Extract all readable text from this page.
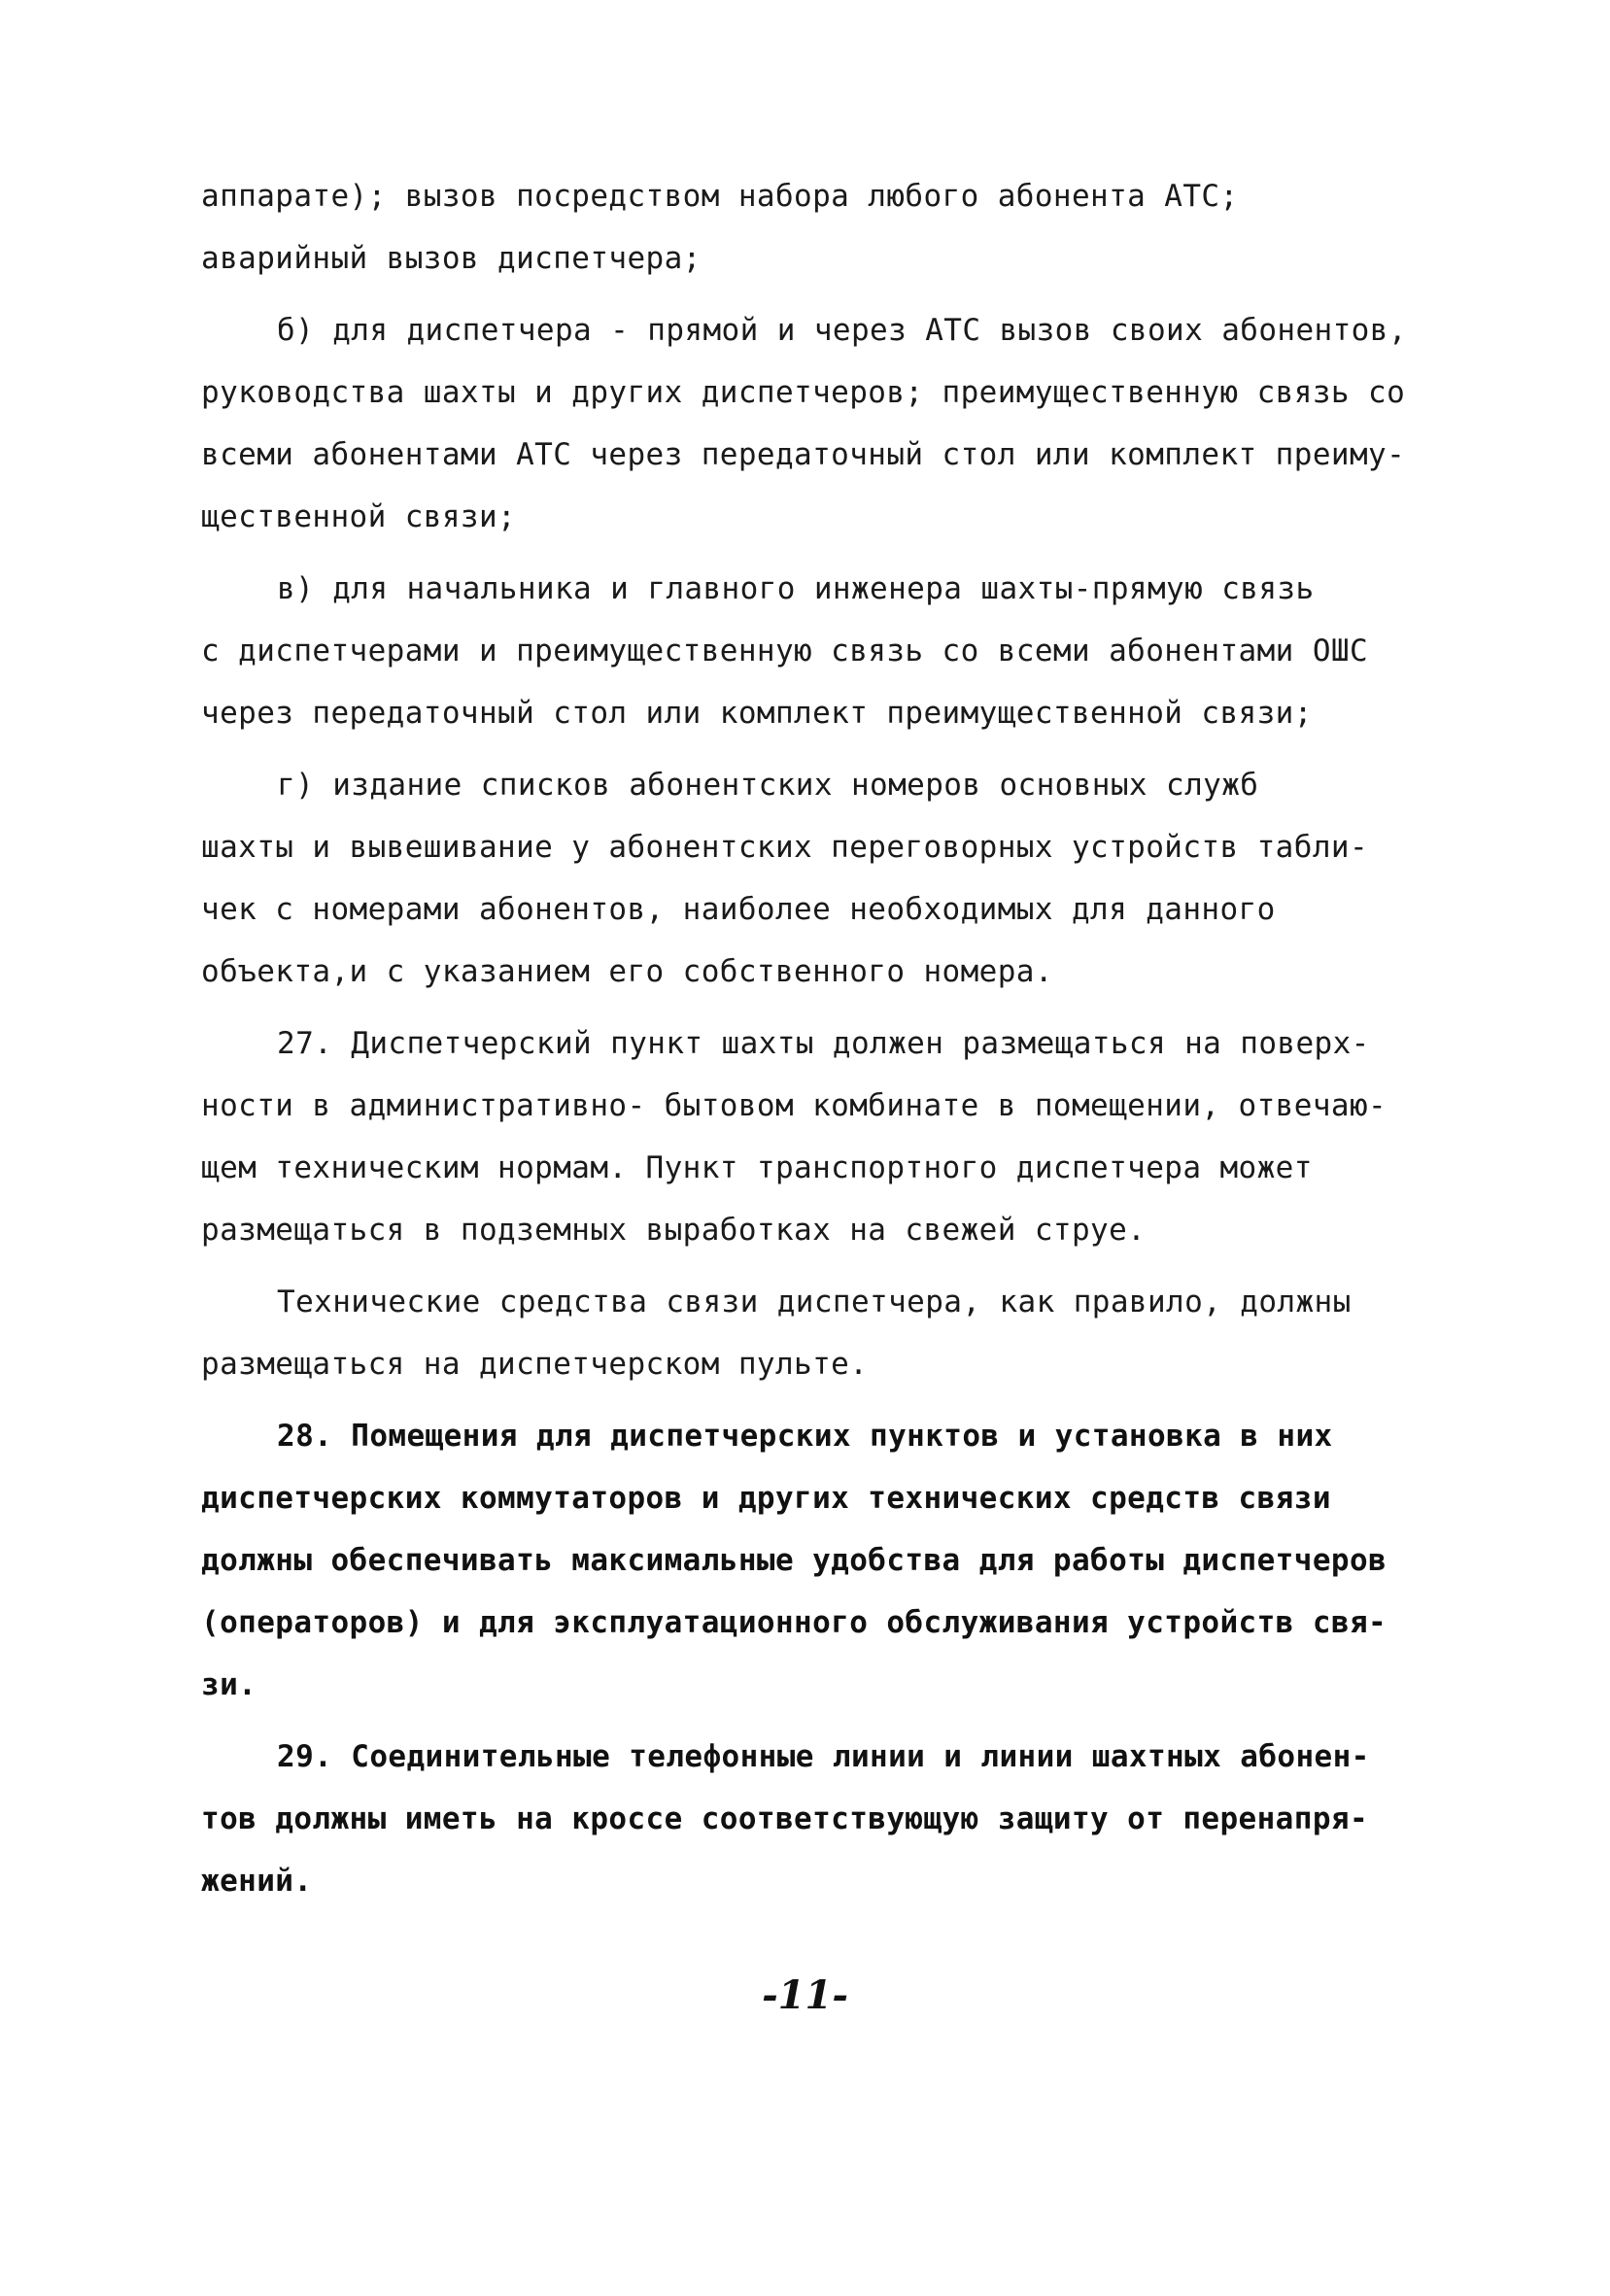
аппарате); вызов посредством набора любого абонента АТС;
аварийный вызов диспетчера;
б) для диспетчера - прямой и через АТС вызов своих абонентов,
руководства шахты и других диспетчеров; преимущественную связь со
всеми абонентами АТС через передаточный стол или комплект преиму-
щественной связи;
в) для начальника и главного инженера шахты-прямую связь
с диспетчерами и преимущественную связь со всеми абонентами ОШС
через передаточный стол или комплект преимущественной связи;
г) издание списков абонентских номеров основных служб
шахты и вывешивание у абонентских переговорных устройств табли-
чек с номерами абонентов, наиболее необходимых для данного
объекта,и с указанием его собственного номера.
27. Диспетчерский пункт шахты должен размещаться на поверх-
ности в административно- бытовом комбинате в помещении, отвечаю-
щем техническим нормам. Пункт транспортного диспетчера может
размещаться в подземных выработках на свежей струе.
Технические средства связи диспетчера, как правило, должны
размещаться на диспетчерском пульте.
28. Помещения для диспетчерских пунктов и установка в них
диспетчерских коммутаторов и других технических средств связи
должны обеспечивать максимальные удобства для работы диспетчеров
(операторов) и для эксплуатационного обслуживания устройств свя-
зи.
29. Соединительные телефонные линии и линии шахтных абонен-
тов должны иметь на кроссе соответствующую защиту от перенапря-
жений.
-11-
